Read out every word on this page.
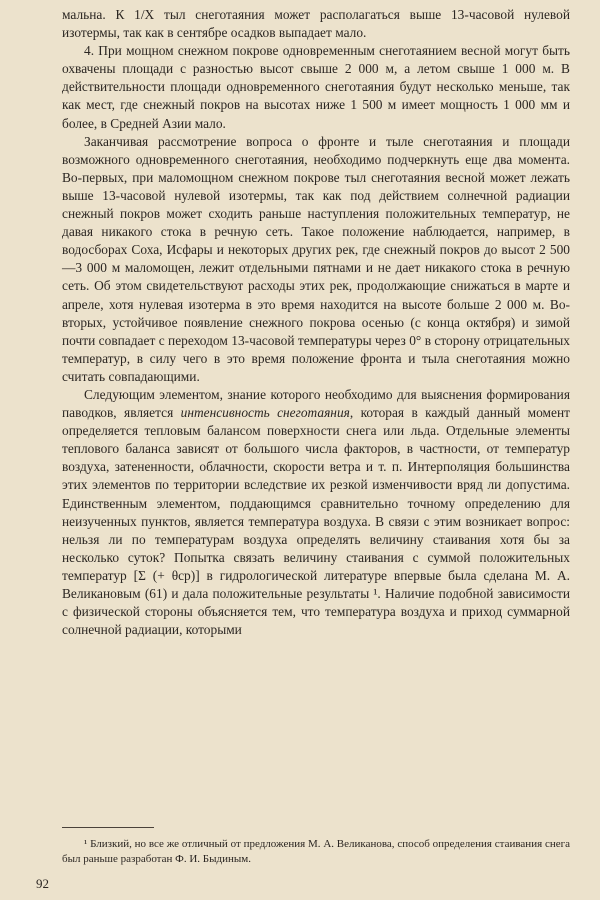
мальна. К 1/X тыл снеготаяния может располагаться выше 13-часовой нулевой изотермы, так как в сентябре осадков выпадает мало.

4. При мощном снежном покрове одновременным снеготаянием весной могут быть охвачены площади с разностью высот свыше 2 000 м, а летом свыше 1 000 м. В действительности площади одновременного снеготаяния будут несколько меньше, так как мест, где снежный покров на высотах ниже 1 500 м имеет мощность 1 000 мм и более, в Средней Азии мало.

Заканчивая рассмотрение вопроса о фронте и тыле снеготаяния и площади возможного одновременного снеготаяния, необходимо подчеркнуть еще два момента. Во-первых, при маломощном снежном покрове тыл снеготаяния весной может лежать выше 13-часовой нулевой изотермы, так как под действием солнечной радиации снежный покров может сходить раньше наступления положительных температур, не давая никакого стока в речную сеть. Такое положение наблюдается, например, в водосборах Соха, Исфары и некоторых других рек, где снежный покров до высот 2 500—3 000 м маломощен, лежит отдельными пятнами и не дает никакого стока в речную сеть. Об этом свидетельствуют расходы этих рек, продолжающие снижаться в марте и апреле, хотя нулевая изотерма в это время находится на высоте больше 2 000 м. Во-вторых, устойчивое появление снежного покрова осенью (с конца октября) и зимой почти совпадает с переходом 13-часовой температуры через 0° в сторону отрицательных температур, в силу чего в это время положение фронта и тыла снеготаяния можно считать совпадающими.

Следующим элементом, знание которого необходимо для выяснения формирования паводков, является интенсивность снеготаяния, которая в каждый данный момент определяется тепловым балансом поверхности снега или льда. Отдельные элементы теплового баланса зависят от большого числа факторов, в частности, от температур воздуха, затененности, облачности, скорости ветра и т. п. Интерполяция большинства этих элементов по территории вследствие их резкой изменчивости вряд ли допустима. Единственным элементом, поддающимся сравнительно точному определению для неизученных пунктов, является температура воздуха. В связи с этим возникает вопрос: нельзя ли по температурам воздуха определять величину стаивания хотя бы за несколько суток? Попытка связать величину стаивания с суммой положительных температур [Σ (+ θср)] в гидрологической литературе впервые была сделана М. А. Великановым (61) и дала положительные результаты ¹. Наличие подобной зависимости с физической стороны объясняется тем, что температура воздуха и приход суммарной солнечной радиации, которыми

¹ Близкий, но все же отличный от предложения М. А. Великанова, способ определения стаивания снега был раньше разработан Ф. И. Быдиным.

92
